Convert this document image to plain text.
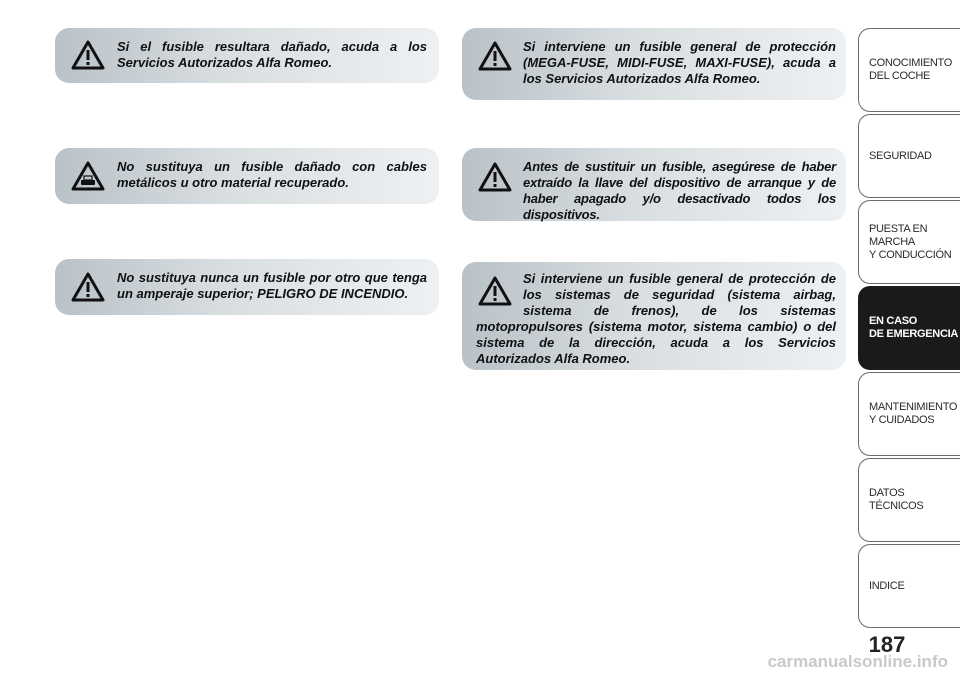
Si el fusible resultara dañado, acuda a los Servicios Autorizados Alfa Romeo.
No sustituya un fusible dañado con cables metálicos u otro material recuperado.
No sustituya nunca un fusible por otro que tenga un amperaje superior; PELIGRO DE INCENDIO.
Si interviene un fusible general de protección (MEGA-FUSE, MIDI-FUSE, MAXI-FUSE), acuda a los Servicios Autorizados Alfa Romeo.
Antes de sustituir un fusible, asegúrese de haber extraído la llave del dispositivo de arranque y de haber apagado y/o desactivado todos los dispositivos.
Si interviene un fusible general de protección de los sistemas de seguridad (sistema airbag, sistema de frenos), de los sistemas motopropulsores (sistema motor, sistema cambio) o del sistema de la dirección, acuda a los Servicios Autorizados Alfa Romeo.
CONOCIMIENTO
DEL COCHE
SEGURIDAD
PUESTA EN MARCHA
Y CONDUCCIÓN
EN CASO
DE EMERGENCIA
MANTENIMIENTO
Y CUIDADOS
DATOS TÉCNICOS
INDICE
187
carmanualsonline.info
